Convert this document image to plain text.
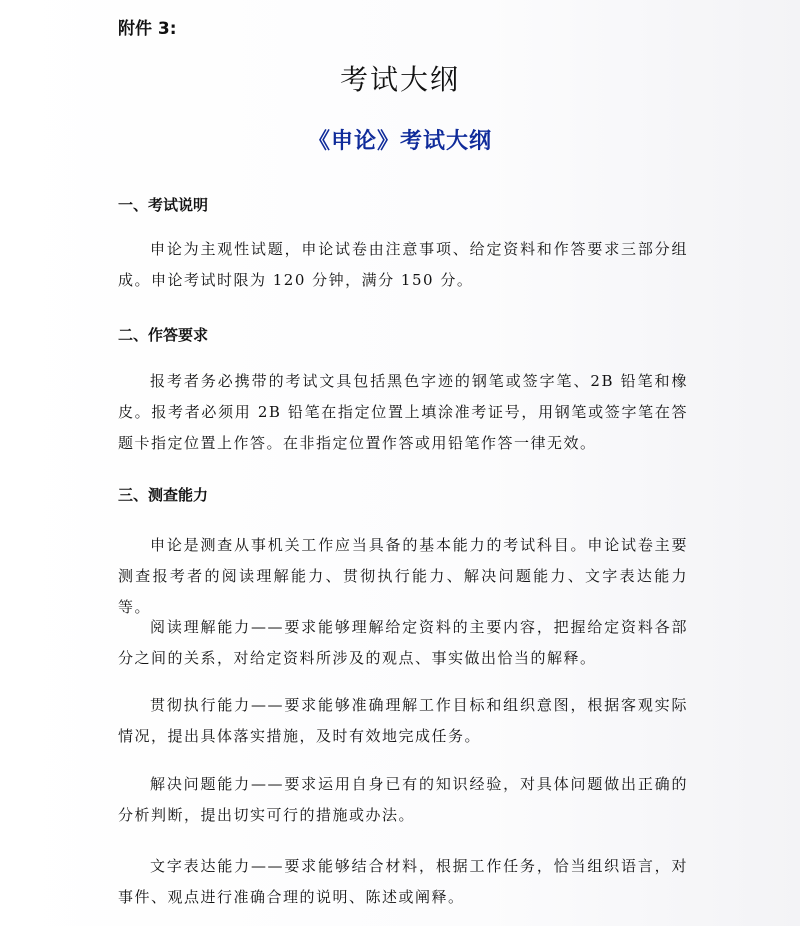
附件 3:
考试大纲
《申论》考试大纲
一、考试说明

申论为主观性试题，申论试卷由注意事项、给定资料和作答要求三部分组成。申论考试时限为 120 分钟，满分 150 分。

二、作答要求

报考者务必携带的考试文具包括黑色字迹的钢笔或签字笔、2B 铅笔和橡皮。报考者必须用 2B 铅笔在指定位置上填涂准考证号，用钢笔或签字笔在答题卡指定位置上作答。在非指定位置作答或用铅笔作答一律无效。

三、测查能力

申论是测查从事机关工作应当具备的基本能力的考试科目。申论试卷主要测查报考者的阅读理解能力、贯彻执行能力、解决问题能力、文字表达能力等。

阅读理解能力——要求能够理解给定资料的主要内容，把握给定资料各部分之间的关系，对给定资料所涉及的观点、事实做出恰当的解释。

贯彻执行能力——要求能够准确理解工作目标和组织意图，根据客观实际情况，提出具体落实措施，及时有效地完成任务。

解决问题能力——要求运用自身已有的知识经验，对具体问题做出正确的分析判断，提出切实可行的措施或办法。

文字表达能力——要求能够结合材料，根据工作任务，恰当组织语言，对事件、观点进行准确合理的说明、陈述或阐释。
